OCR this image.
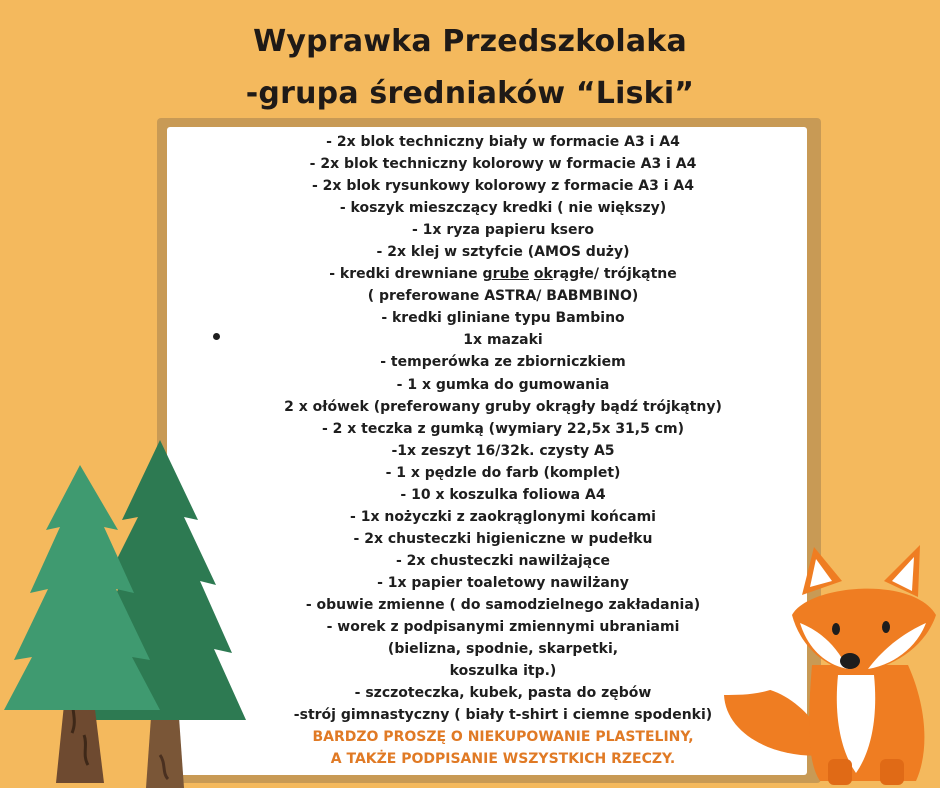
Wyprawka Przedszkolaka
-grupa średniaków “Liski”
- 2x blok techniczny biały w formacie A3 i A4
- 2x blok techniczny kolorowy w formacie A3 i A4
- 2x blok rysunkowy kolorowy z formacie A3 i A4
- koszyk mieszczący kredki ( nie większy)
- 1x ryza papieru ksero
- 2x klej w sztyfcie (AMOS duży)
- kredki drewniane grube okrągłe/ trójkątne
( preferowane ASTRA/ BABMBINO)
- kredki gliniane typu Bambino
1x mazaki
- temperówka ze zbiorniczkiem
- 1 x gumka do gumowania
2 x ołówek (preferowany gruby okrągły bądź trójkątny)
- 2 x teczka z gumką (wymiary 22,5x 31,5 cm)
-1x zeszyt 16/32k. czysty A5
- 1 x pędzle do farb (komplet)
- 10 x koszulka foliowa A4
- 1x nożyczki z zaokrąglonymi końcami
- 2x chusteczki higieniczne w pudełku
- 2x chusteczki nawilżające
- 1x papier toaletowy nawilżany
- obuwie zmienne ( do samodzielnego zakładania)
- worek z podpisanymi zmiennymi ubraniami
(bielizna, spodnie, skarpetki,
koszulka itp.)
- szczoteczka, kubek, pasta do zębów
-strój gimnastyczny ( biały t-shirt i ciemne spodenki)
BARDZO PROSZĘ O NIEKUPOWANIE PLASTELINY,
A TAKŻE PODPISANIE WSZYSTKICH RZECZY.
